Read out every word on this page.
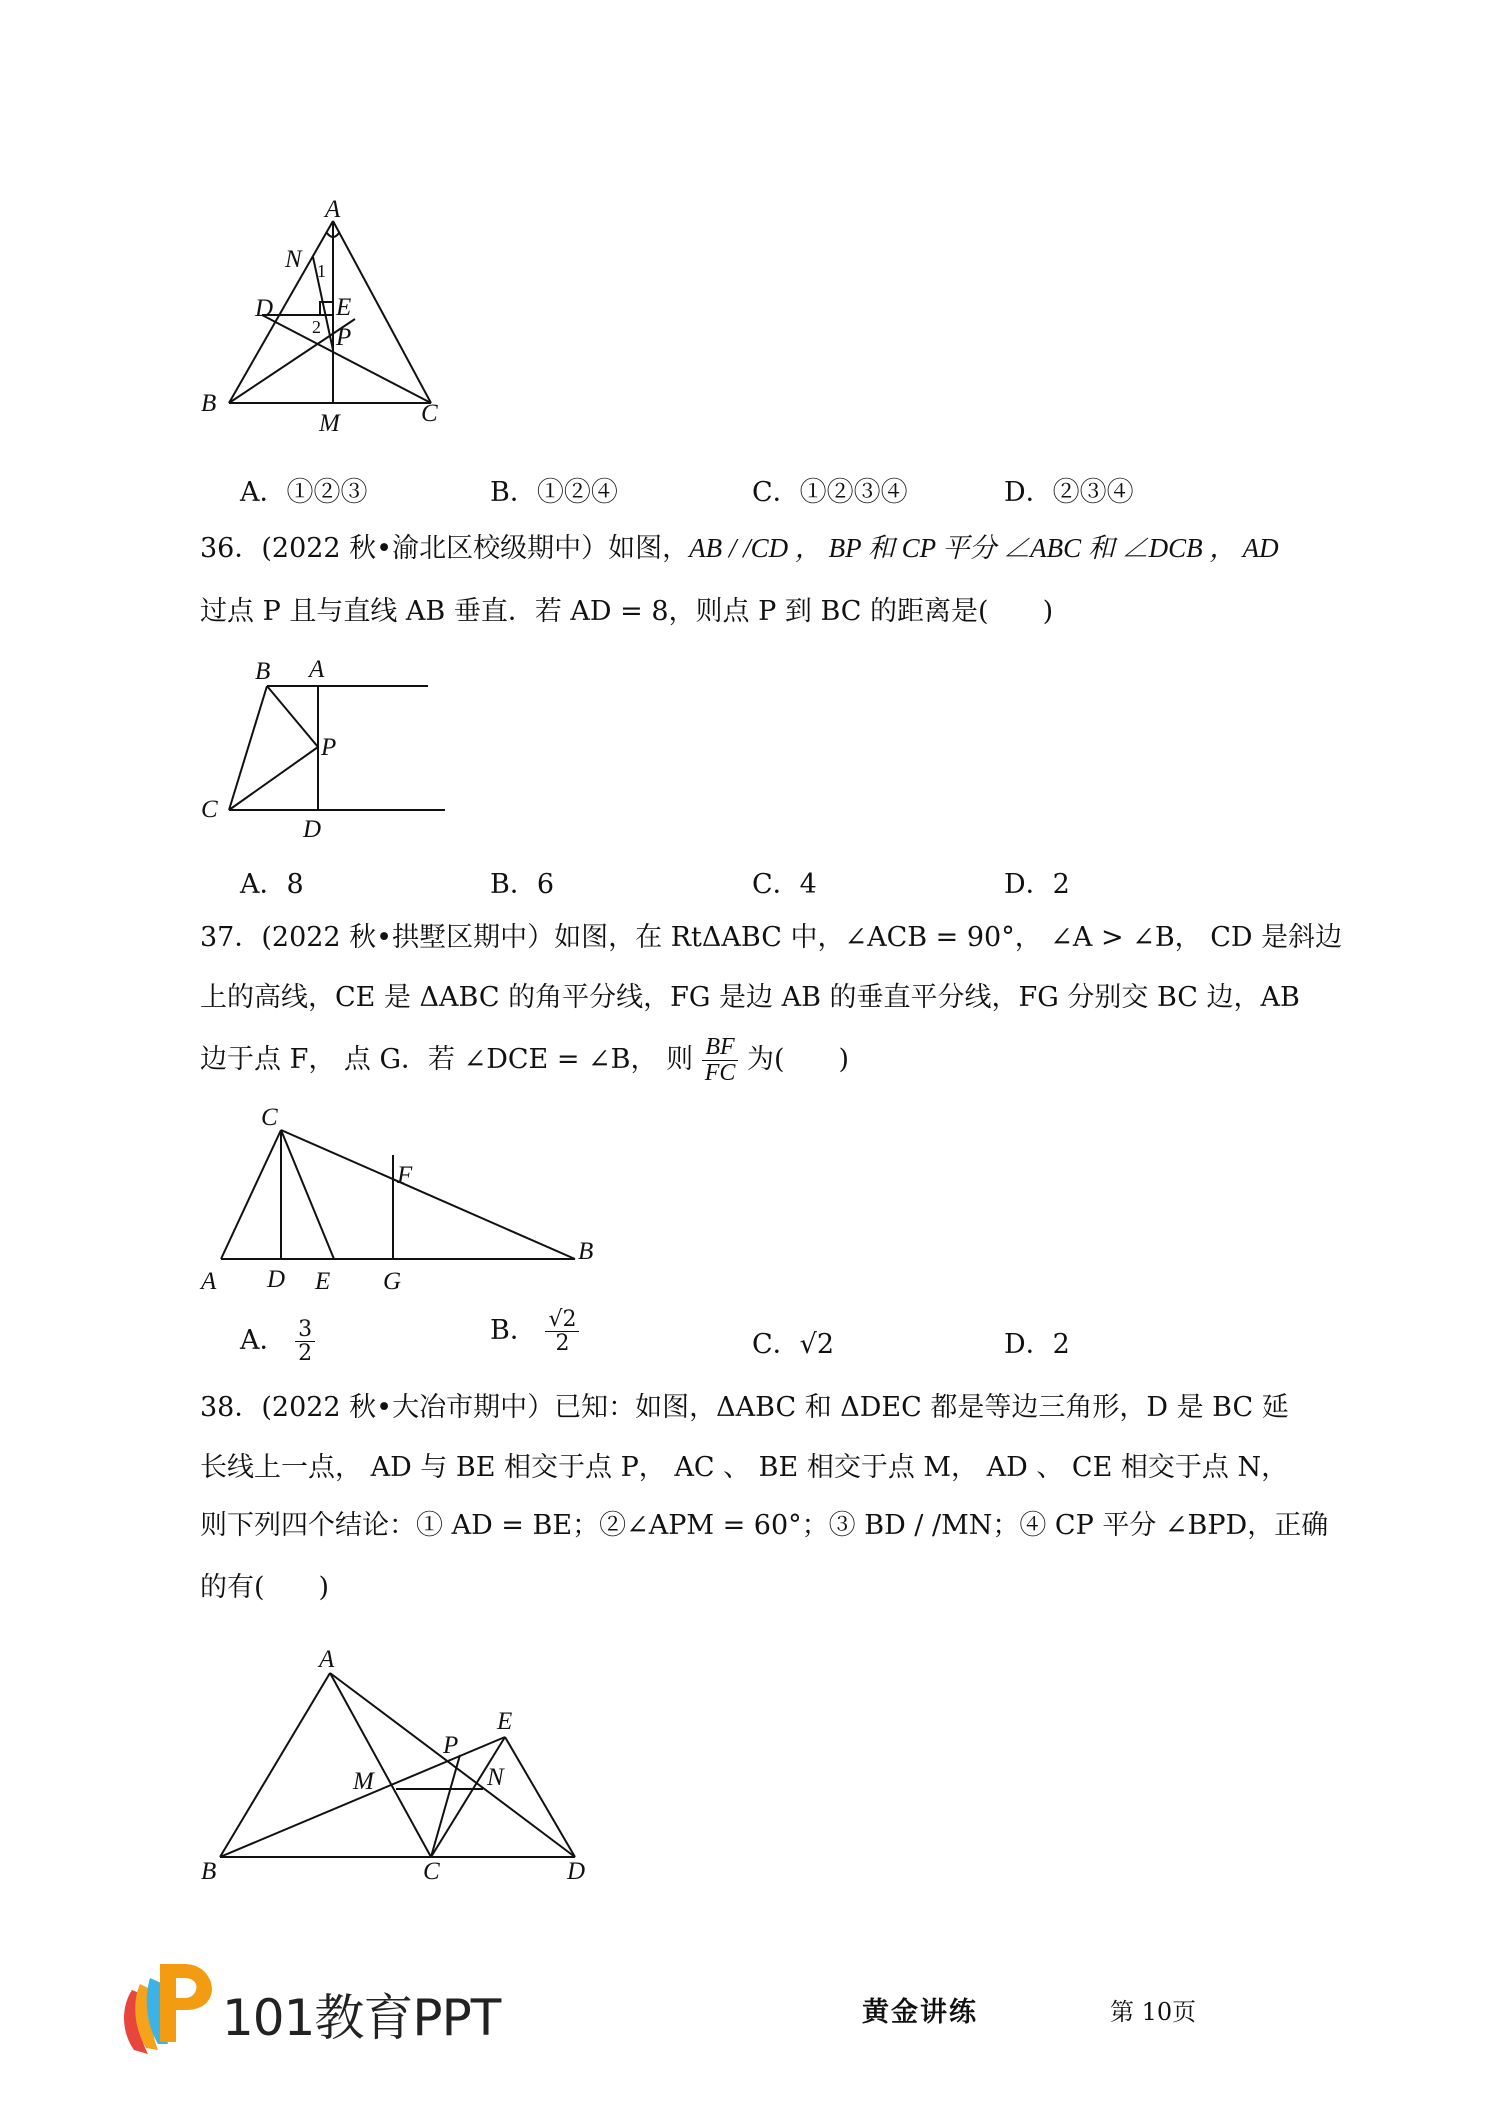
A
N 1
D	E
2 P
B
M	C
A．①②③	B．①②④	C．①②③④	D．②③④
36．(2022 秋•渝北区校级期中）如图，AB / /CD ， BP 和 CP 平分 ∠ABC 和 ∠DCB ， AD
过点 P 且与直线 AB 垂直．若 AD = 8，则点 P 到 BC 的距离是(　　)
B A
P
C
D
A．8	B．6	C．4	D．2
37．(2022 秋•拱墅区期中）如图，在 RtΔABC 中，∠ACB = 90°， ∠A > ∠B， CD 是斜边
上的高线，CE 是 ΔABC 的角平分线，FG 是边 AB 的垂直平分线，FG 分别交 BC 边，AB
边于点 F， 点 G．若 ∠DCE = ∠B， 则 $\frac{BF}{FC}$ 为(　　)
C
F
A D E G
B
A． $\frac{3}{2}$	B． $\frac{√2}{2}$	C．√2	D．2
38．(2022 秋•大冶市期中）已知：如图，ΔABC 和 ΔDEC 都是等边三角形，D 是 BC 延
长线上一点， AD 与 BE 相交于点 P， AC 、 BE 相交于点 M， AD 、 CE 相交于点 N，
则下列四个结论：① AD = BE；②∠APM = 60°；③ BD / /MN；④ CP 平分 ∠BPD，正确
的有(　　)
A
E
P
M	N
B	C	D
101教育PPT	黄金讲练	第 10页
